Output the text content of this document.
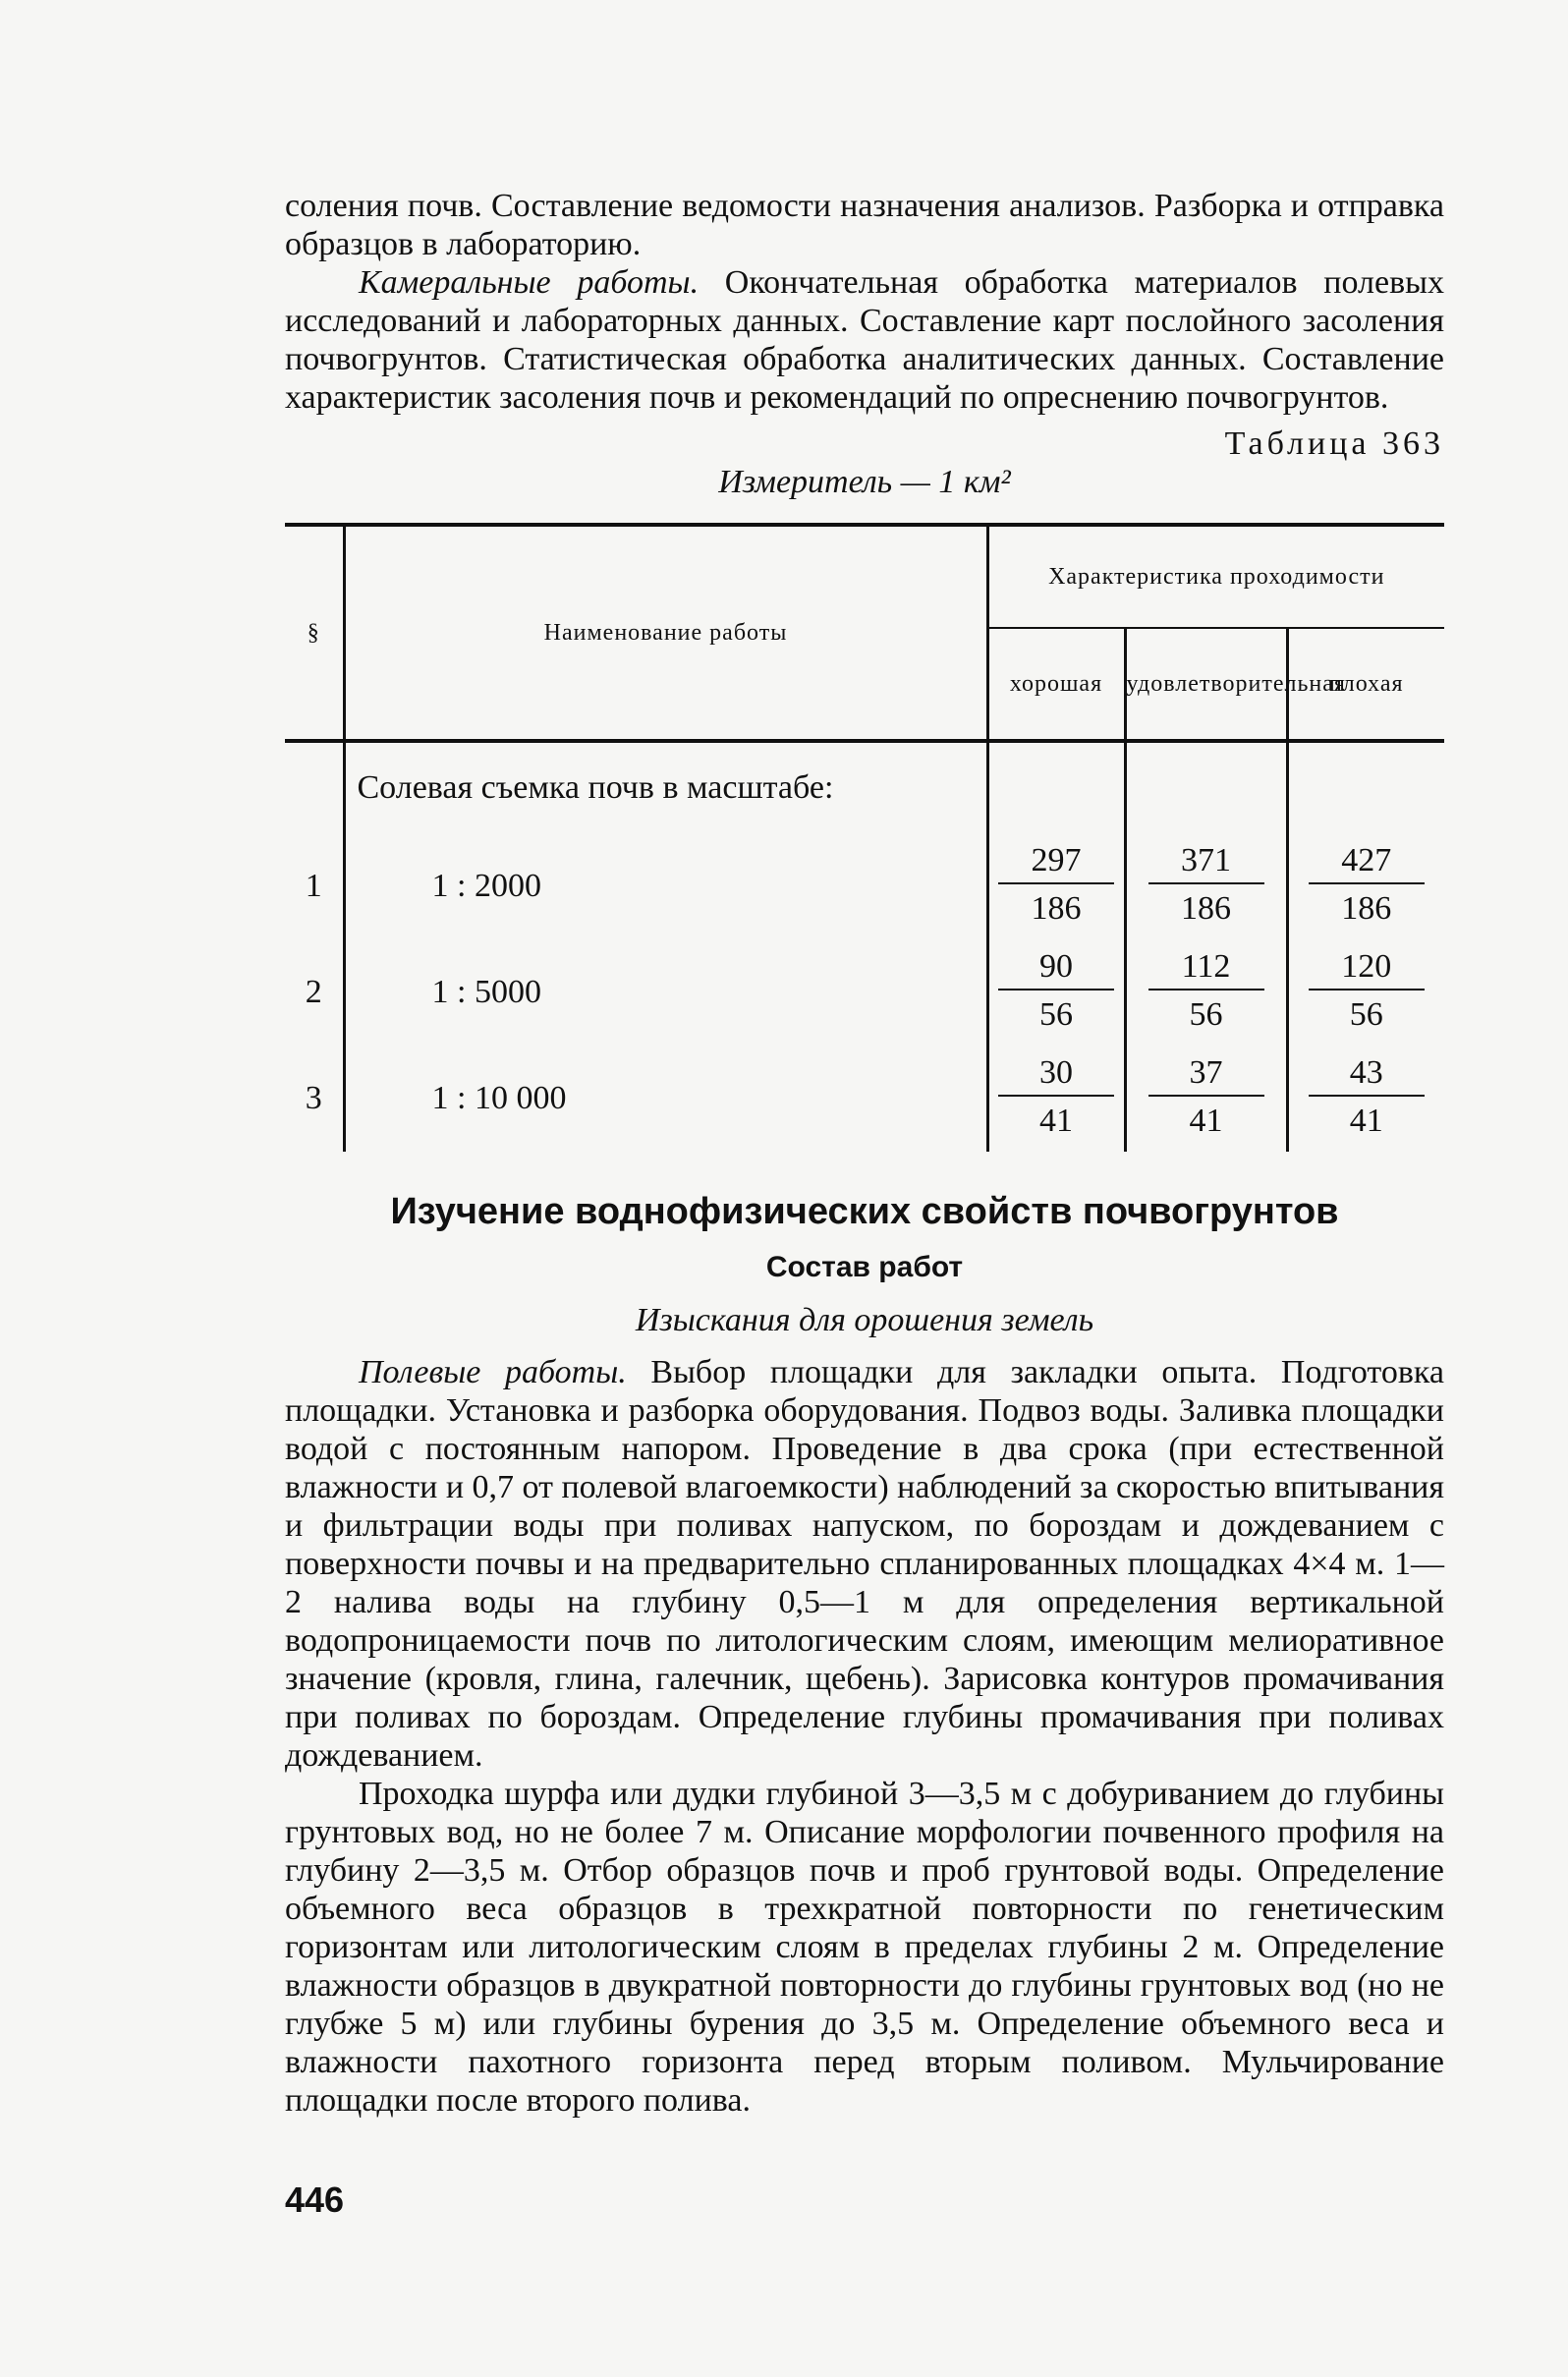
соления почв. Составление ведомости назначения анализов. Разборка и отправка образцов в лабораторию.

Камеральные работы. Окончательная обработка материалов полевых исследований и лабораторных данных. Составление карт послойного засоления почвогрунтов. Статистическая обработка аналитических данных. Составление характеристик засоления почв и рекомендаций по опреснению почвогрунтов.

Таблица 363
Измеритель — 1 км²
§	Наименование работы	Характеристика проходимости		
		хорошая	удовлетворительная	плохая
	Солевая съемка почв в масштабе:			
1	1 : 2000	$\frac{297}{186}$	$\frac{371}{186}$	$\frac{427}{186}$

2	1 : 5000	$\frac{90}{56}$	$\frac{112}{56}$	$\frac{120}{56}$

3	1 : 10 000	$\frac{30}{41}$	$\frac{37}{41}$	$\frac{43}{41}$
Изучение воднофизических свойств почвогрунтов
Состав работ
Изыскания для орошения земель

Полевые работы. Выбор площадки для закладки опыта. Подготовка площадки. Установка и разборка оборудования. Подвоз воды. Заливка площадки водой с постоянным напором. Проведение в два срока (при естественной влажности и 0,7 от полевой влагоемкости) наблюдений за скоростью впитывания и фильтрации воды при поливах напуском, по бороздам и дождеванием с поверхности почвы и на предварительно спланированных площадках 4×4 м. 1—2 налива воды на глубину 0,5—1 м для определения вертикальной водопроницаемости почв по литологическим слоям, имеющим мелиоративное значение (кровля, глина, галечник, щебень). Зарисовка контуров промачивания при поливах по бороздам. Определение глубины промачивания при поливах дождеванием.

Проходка шурфа или дудки глубиной 3—3,5 м с добуриванием до глубины грунтовых вод, но не более 7 м. Описание морфологии почвенного профиля на глубину 2—3,5 м. Отбор образцов почв и проб грунтовой воды. Определение объемного веса образцов в трехкратной повторности по генетическим горизонтам или литологическим слоям в пределах глубины 2 м. Определение влажности образцов в двукратной повторности до глубины грунтовых вод (но не глубже 5 м) или глубины бурения до 3,5 м. Определение объемного веса и влажности пахотного горизонта перед вторым поливом. Мульчирование площадки после второго полива.

446
